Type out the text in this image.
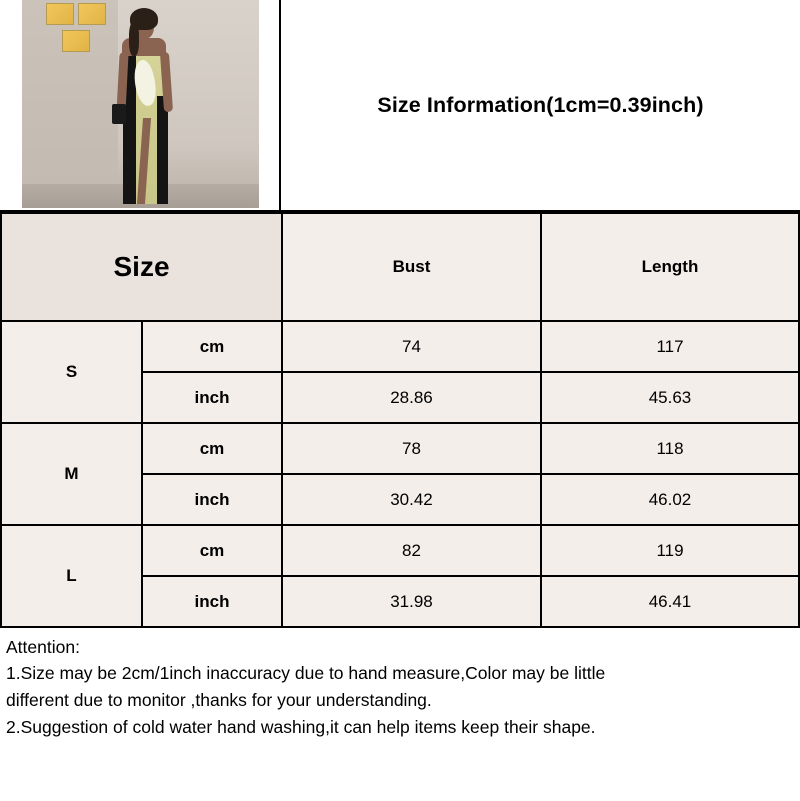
Size Information(1cm=0.39inch)
Size		Bust	Length
S	cm	74	117
	inch	28.86	45.63
M	cm	78	118
	inch	30.42	46.02
L	cm	82	119
	inch	31.98	46.41
Attention:
1.Size may be 2cm/1inch inaccuracy due to hand measure,Color may be little
different due to monitor ,thanks for your understanding.
2.Suggestion of cold water hand washing,it can help items keep their shape.
